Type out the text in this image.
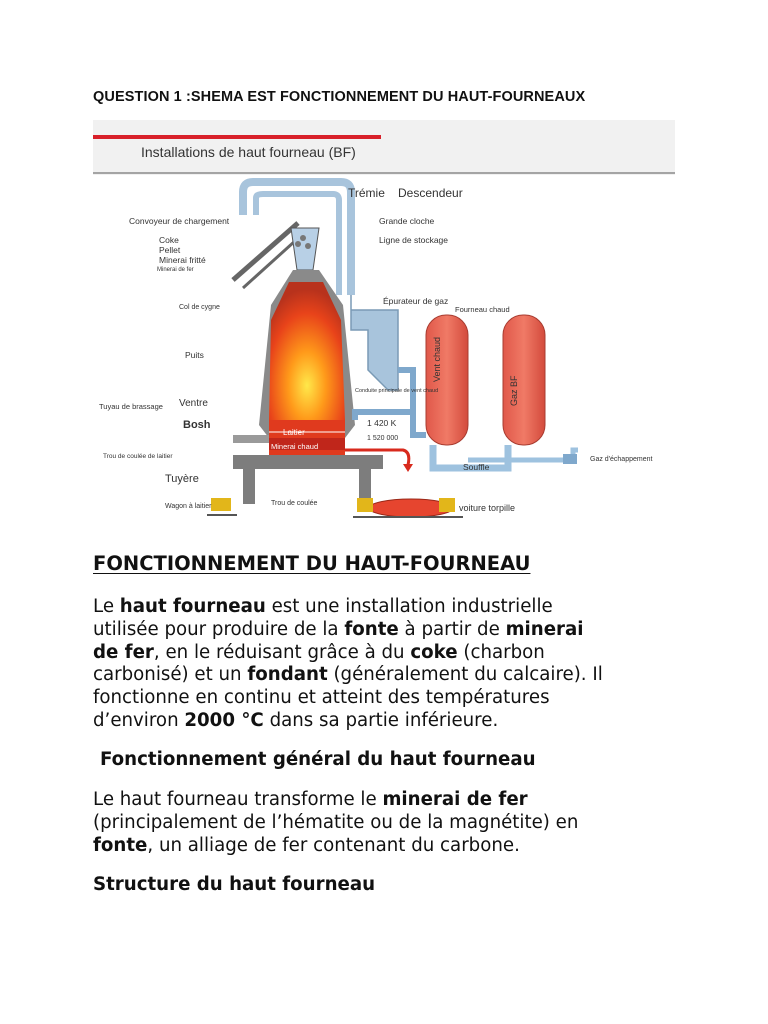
QUESTION 1 :SHEMA EST FONCTIONNEMENT DU HAUT-FOURNEAUX
Installations de haut fourneau (BF)
Trémie Descendeur
Convoyeur de chargement	Grande cloche
Ligne de stockage
Coke
Pellet
Minerai fritté
Minerai de fer
Col de cygne
Épurateur de gaz
Fourneau chaud
Puits
Conduite principale de vent chaud
Vent chaud
Gaz BF
Tuyau de brassage Ventre
Bosh
Laitier
Minerai chaud
1 420 K
1 520 000
Trou de coulée de laitier
Tuyère
Souffle
Gaz d'échappement
Wagon à laitier	Trou de coulée	voiture torpille
FONCTIONNEMENT DU HAUT-FOURNEAU

Le haut fourneau est une installation industrielle
utilisée pour produire de la fonte à partir de minerai
de fer, en le réduisant grâce à du coke (charbon
carbonisé) et un fondant (généralement du calcaire). Il
fonctionne en continu et atteint des températures
d’environ 2000 °C dans sa partie inférieure.

Fonctionnement général du haut fourneau

Le haut fourneau transforme le minerai de fer
(principalement de l’hématite ou de la magnétite) en
fonte, un alliage de fer contenant du carbone.

Structure du haut fourneau
